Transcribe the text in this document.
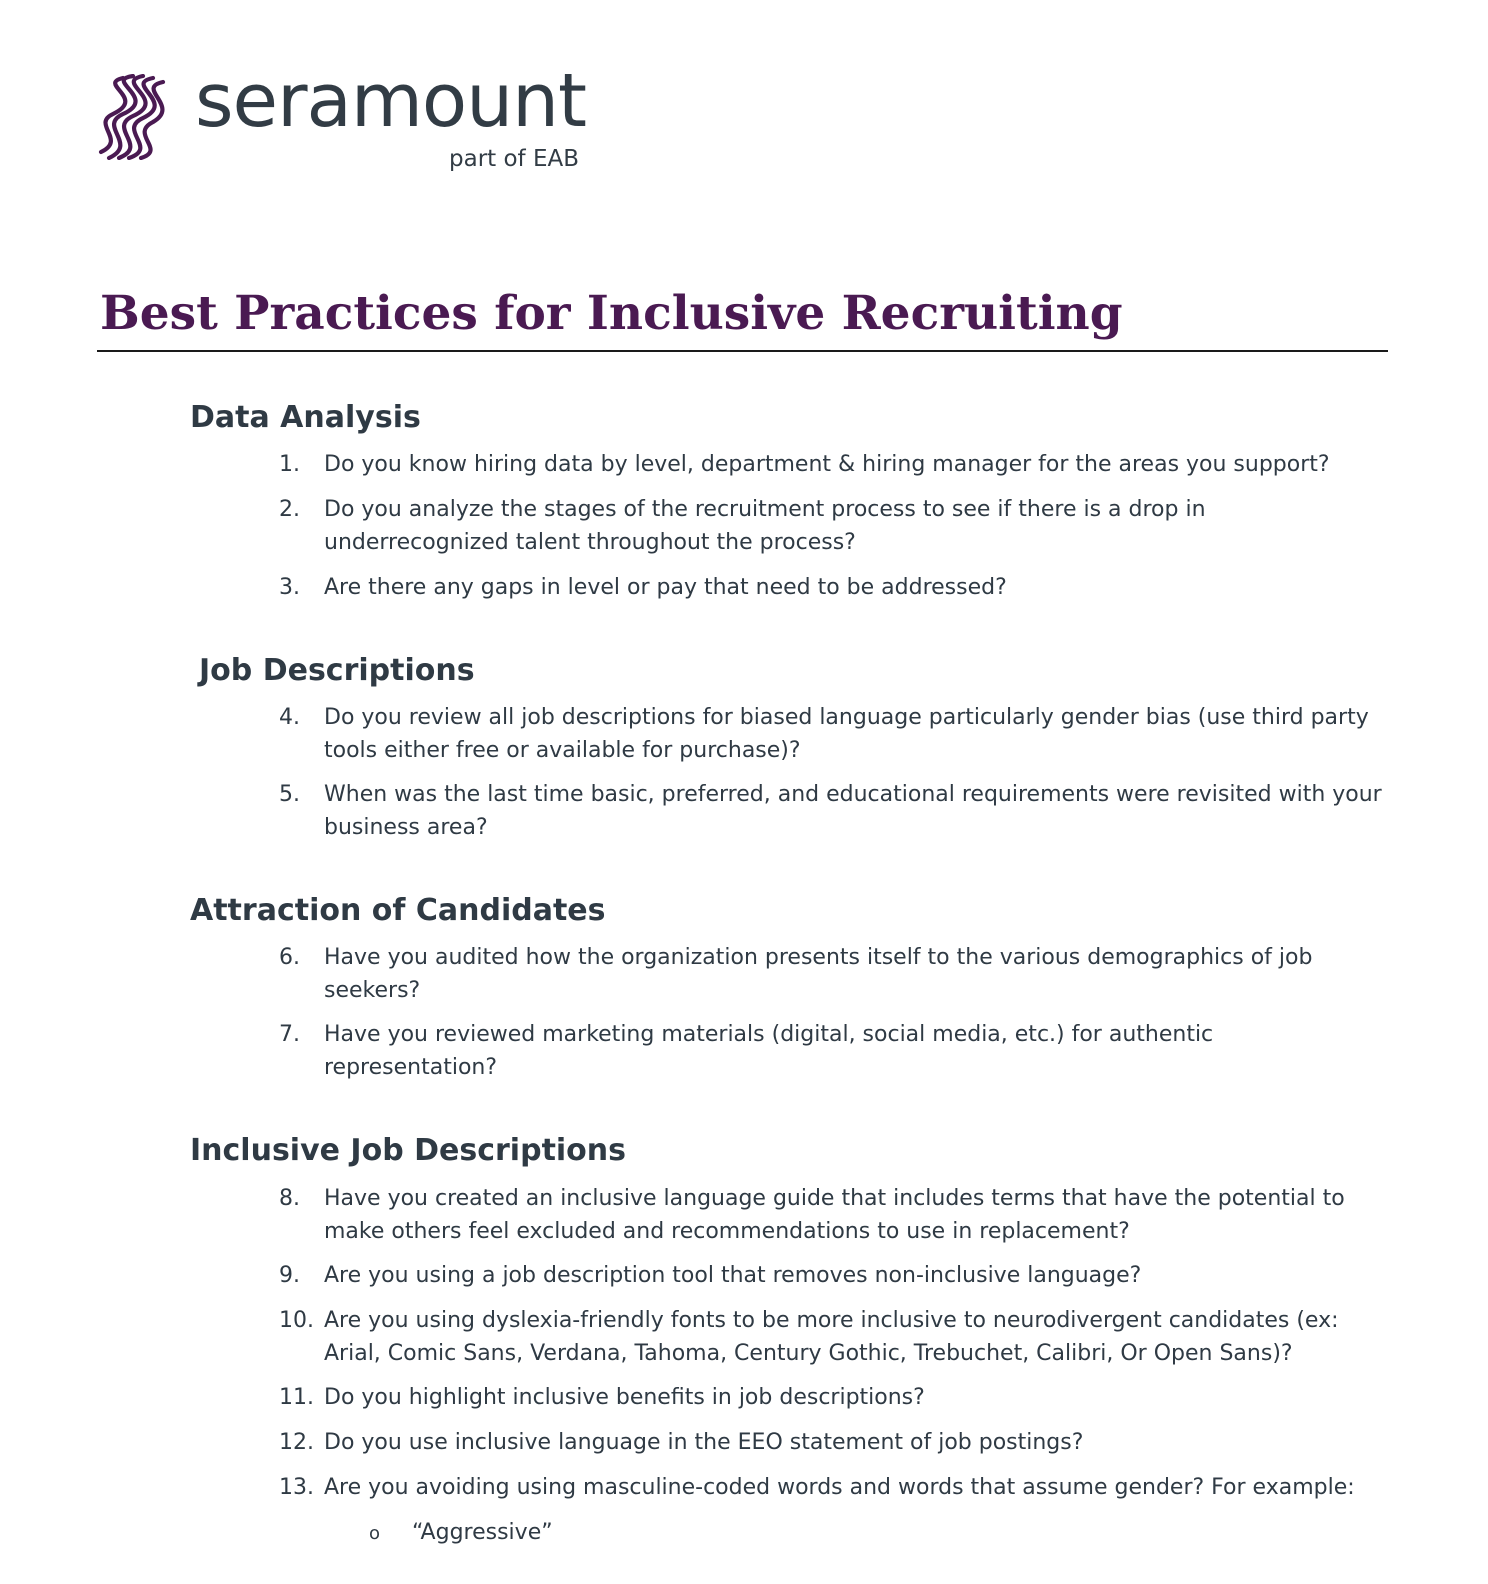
seramount
part of EAB
Best Practices for Inclusive Recruiting
Data Analysis
1. Do you know hiring data by level, department & hiring manager for the areas you support?
2. Do you analyze the stages of the recruitment process to see if there is a drop in underrecognized talent throughout the process?
3. Are there any gaps in level or pay that need to be addressed?
Job Descriptions
4. Do you review all job descriptions for biased language particularly gender bias (use third party tools either free or available for purchase)?
5. When was the last time basic, preferred, and educational requirements were revisited with your business area?
Attraction of Candidates
6. Have you audited how the organization presents itself to the various demographics of job seekers?
7. Have you reviewed marketing materials (digital, social media, etc.) for authentic representation?
Inclusive Job Descriptions
8. Have you created an inclusive language guide that includes terms that have the potential to make others feel excluded and recommendations to use in replacement?
9. Are you using a job description tool that removes non-inclusive language?
10. Are you using dyslexia-friendly fonts to be more inclusive to neurodivergent candidates (ex: Arial, Comic Sans, Verdana, Tahoma, Century Gothic, Trebuchet, Calibri, Or Open Sans)?
11. Do you highlight inclusive benefits in job descriptions?
12. Do you use inclusive language in the EEO statement of job postings?
13. Are you avoiding using masculine-coded words and words that assume gender? For example:
o “Aggressive”
